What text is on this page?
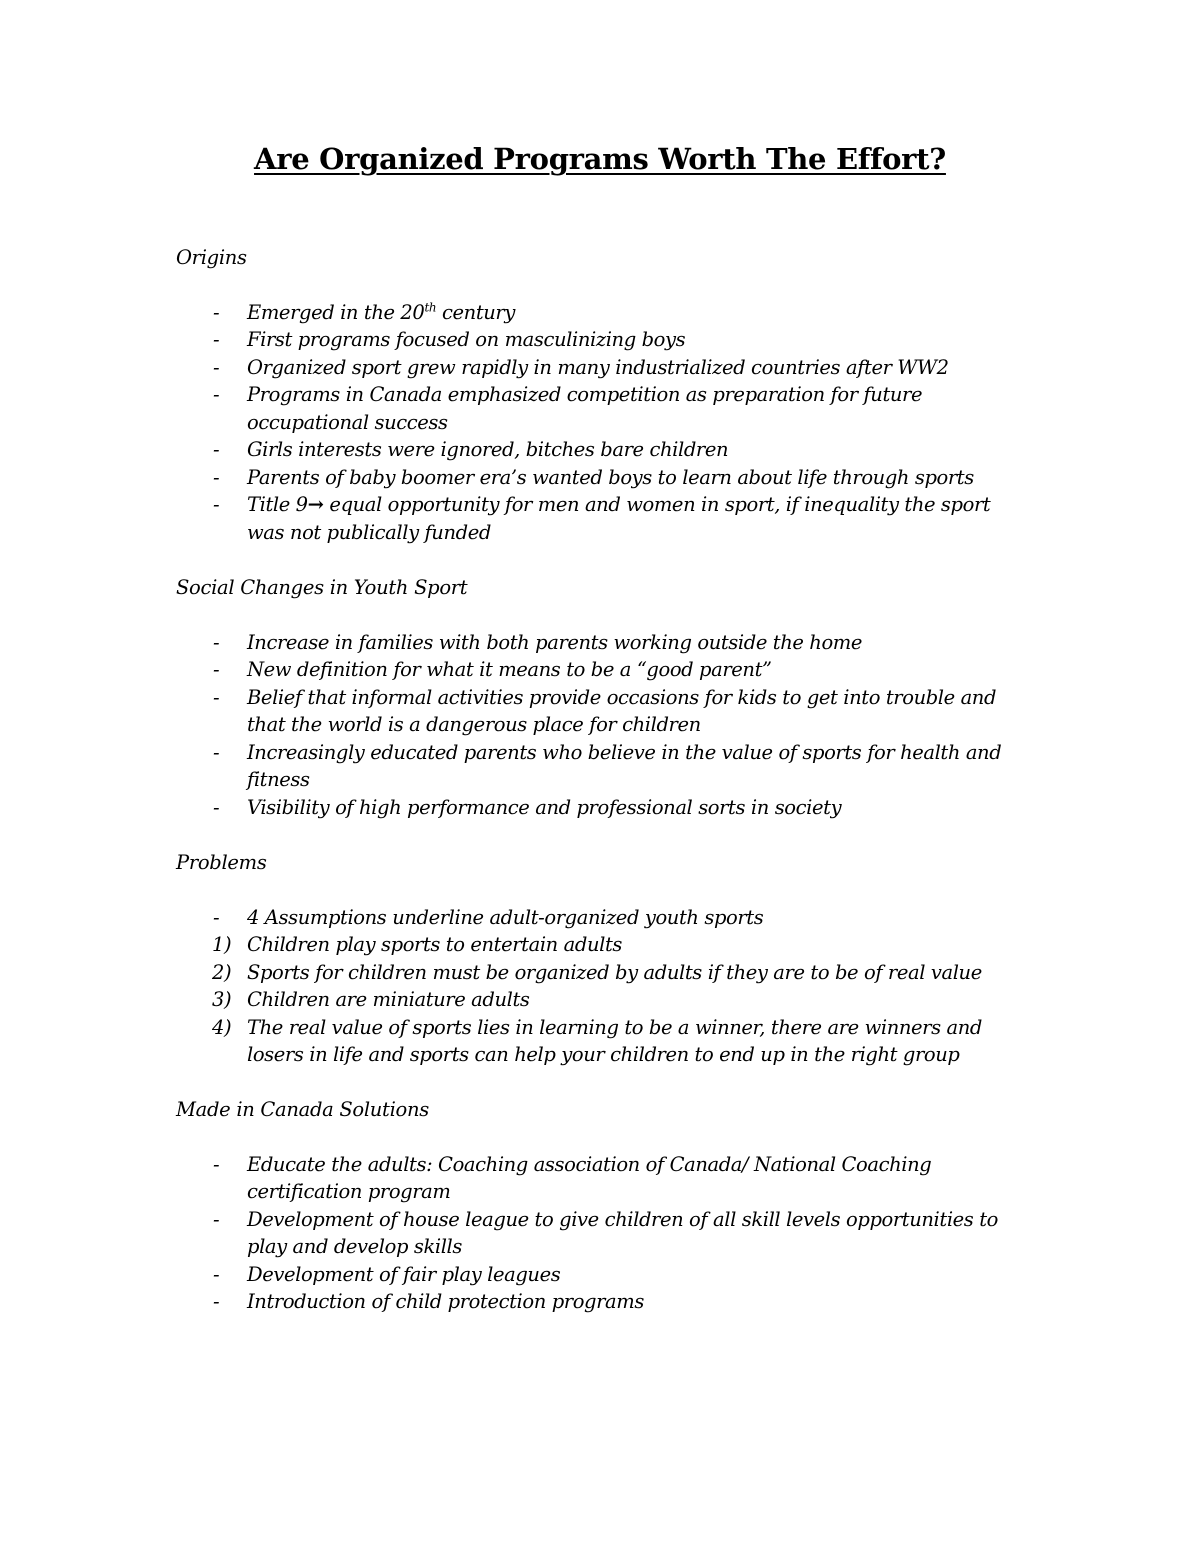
Are Organized Programs Worth The Effort?

Origins

- Emerged in the 20th century
- First programs focused on masculinizing boys
- Organized sport grew rapidly in many industrialized countries after WW2
- Programs in Canada emphasized competition as preparation for future occupational success
- Girls interests were ignored, bitches bare children
- Parents of baby boomer era’s wanted boys to learn about life through sports
- Title 9→ equal opportunity for men and women in sport, if inequality the sport was not publically funded

Social Changes in Youth Sport

- Increase in families with both parents working outside the home
- New definition for what it means to be a “good parent”
- Belief that informal activities provide occasions for kids to get into trouble and that the world is a dangerous place for children
- Increasingly educated parents who believe in the value of sports for health and fitness
- Visibility of high performance and professional sorts in society

Problems

- 4 Assumptions underline adult-organized youth sports
1) Children play sports to entertain adults
2) Sports for children must be organized by adults if they are to be of real value
3) Children are miniature adults
4) The real value of sports lies in learning to be a winner, there are winners and losers in life and sports can help your children to end up in the right group

Made in Canada Solutions

- Educate the adults: Coaching association of Canada/ National Coaching certification program
- Development of house league to give children of all skill levels opportunities to play and develop skills
- Development of fair play leagues
- Introduction of child protection programs
